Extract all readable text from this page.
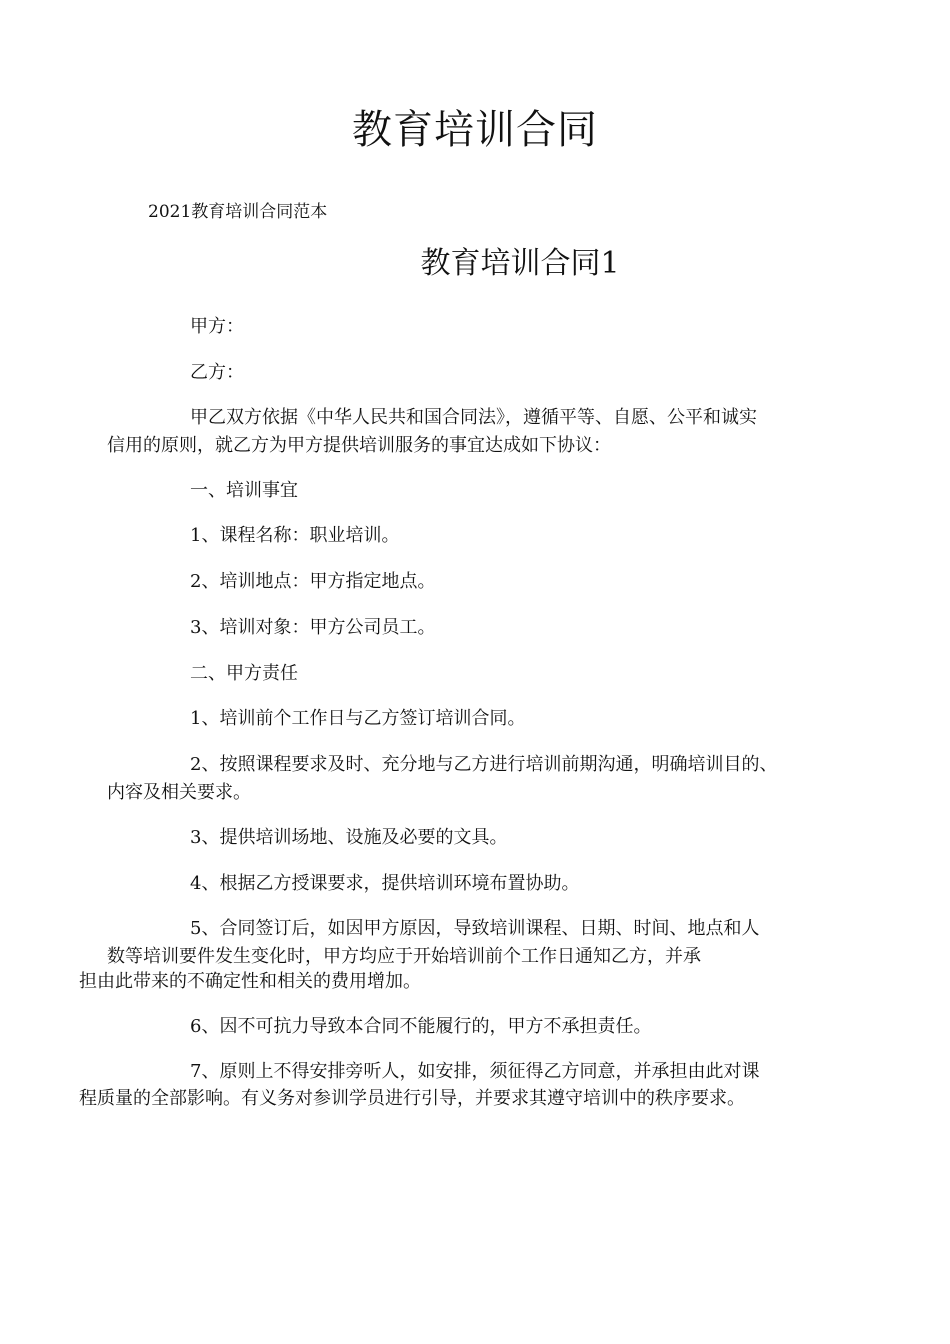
教育培训合同

2021教育培训合同范本

教育培训合同1

甲方：

乙方：

甲乙双方依据《中华人民共和国合同法》，遵循平等、自愿、公平和诚实

信用的原则，就乙方为甲方提供培训服务的事宜达成如下协议：

一、培训事宜

1、课程名称：职业培训。

2、培训地点：甲方指定地点。

3、培训对象：甲方公司员工。

二、甲方责任

1、培训前个工作日与乙方签订培训合同。

2、按照课程要求及时、充分地与乙方进行培训前期沟通，明确培训目的、

内容及相关要求。

3、提供培训场地、设施及必要的文具。

4、根据乙方授课要求，提供培训环境布置协助。

5、合同签订后，如因甲方原因，导致培训课程、日期、时间、地点和人

数等培训要件发生变化时，甲方均应于开始培训前个工作日通知乙方，并承

担由此带来的不确定性和相关的费用增加。

6、因不可抗力导致本合同不能履行的，甲方不承担责任。

7、原则上不得安排旁听人，如安排，须征得乙方同意，并承担由此对课

程质量的全部影响。有义务对参训学员进行引导，并要求其遵守培训中的秩序要求。
